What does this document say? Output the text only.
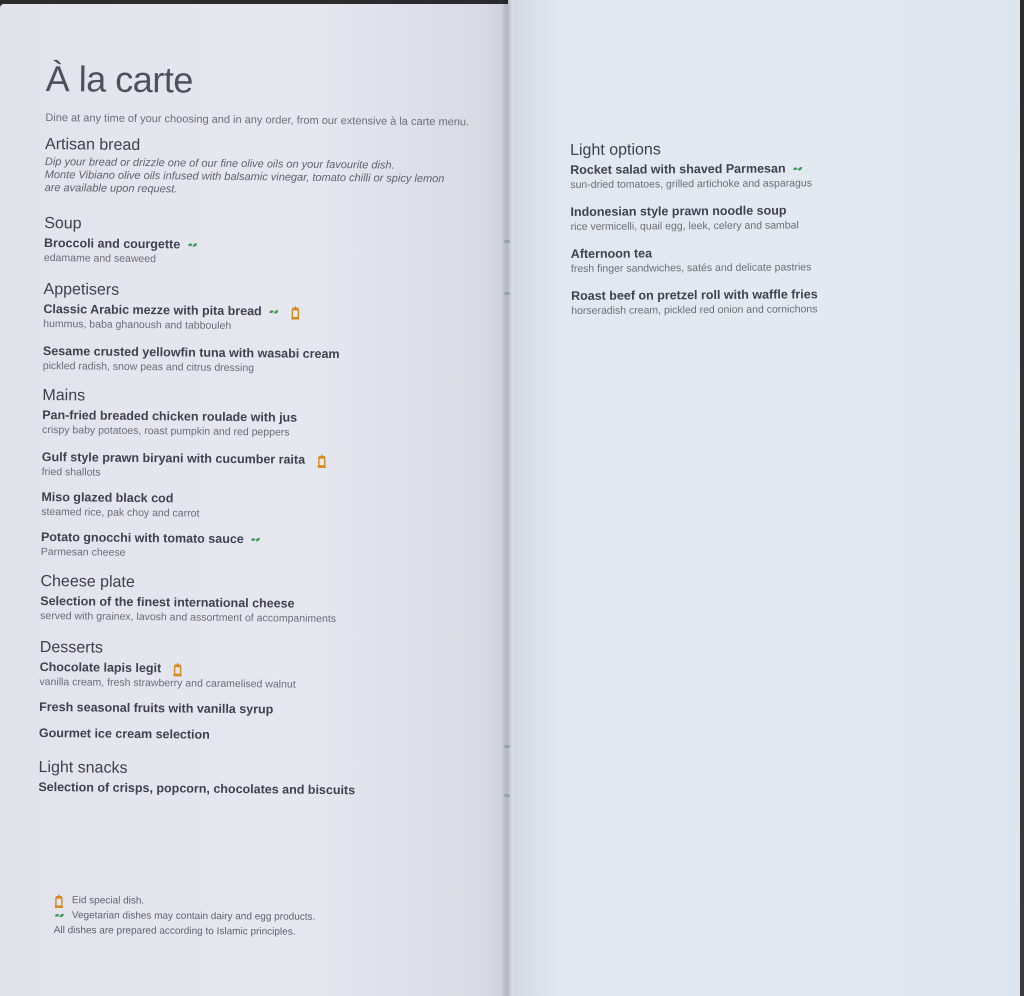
À la carte
Dine at any time of your choosing and in any order, from our extensive à la carte menu.
Artisan bread
Dip your bread or drizzle one of our fine olive oils on your favourite dish.
Monte Vibiano olive oils infused with balsamic vinegar, tomato chilli or spicy lemon
are available upon request.
Soup
Broccoli and courgette
edamame and seaweed
Appetisers
Classic Arabic mezze with pita bread
hummus, baba ghanoush and tabbouleh
Sesame crusted yellowfin tuna with wasabi cream
pickled radish, snow peas and citrus dressing
Mains
Pan-fried breaded chicken roulade with jus
crispy baby potatoes, roast pumpkin and red peppers
Gulf style prawn biryani with cucumber raita
fried shallots
Miso glazed black cod
steamed rice, pak choy and carrot
Potato gnocchi with tomato sauce
Parmesan cheese
Cheese plate
Selection of the finest international cheese
served with grainex, lavosh and assortment of accompaniments
Desserts
Chocolate lapis legit
vanilla cream, fresh strawberry and caramelised walnut
Fresh seasonal fruits with vanilla syrup
Gourmet ice cream selection
Light snacks
Selection of crisps, popcorn, chocolates and biscuits
Eid special dish.
Vegetarian dishes may contain dairy and egg products.
All dishes are prepared according to Islamic principles.
Light options
Rocket salad with shaved Parmesan
sun-dried tomatoes, grilled artichoke and asparagus
Indonesian style prawn noodle soup
rice vermicelli, quail egg, leek, celery and sambal
Afternoon tea
fresh finger sandwiches, satés and delicate pastries
Roast beef on pretzel roll with waffle fries
horseradish cream, pickled red onion and cornichons
